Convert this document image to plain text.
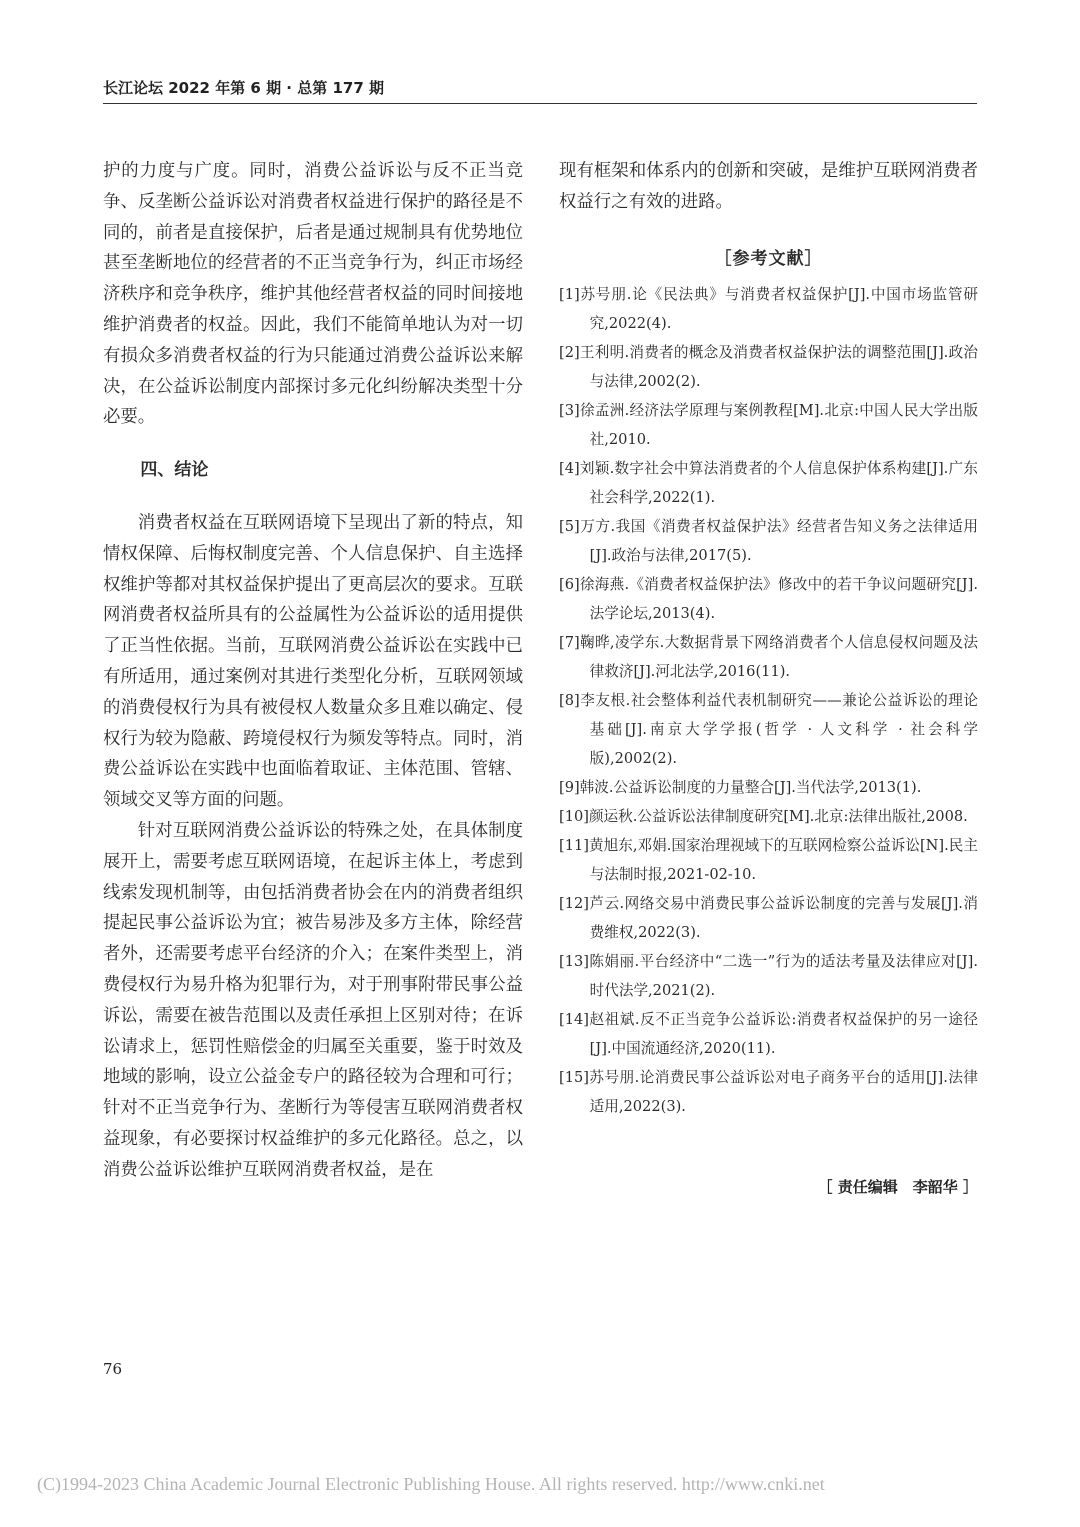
长江论坛 2022 年第 6 期 · 总第 177 期

护的力度与广度。同时，消费公益诉讼与反不正当竞争、反垄断公益诉讼对消费者权益进行保护的路径是不同的，前者是直接保护，后者是通过规制具有优势地位甚至垄断地位的经营者的不正当竞争行为，纠正市场经济秩序和竞争秩序，维护其他经营者权益的同时间接地维护消费者的权益。因此，我们不能简单地认为对一切有损众多消费者权益的行为只能通过消费公益诉讼来解决，在公益诉讼制度内部探讨多元化纠纷解决类型十分必要。

四、结论

消费者权益在互联网语境下呈现出了新的特点，知情权保障、后悔权制度完善、个人信息保护、自主选择权维护等都对其权益保护提出了更高层次的要求。互联网消费者权益所具有的公益属性为公益诉讼的适用提供了正当性依据。当前，互联网消费公益诉讼在实践中已有所适用，通过案例对其进行类型化分析，互联网领域的消费侵权行为具有被侵权人数量众多且难以确定、侵权行为较为隐蔽、跨境侵权行为频发等特点。同时，消费公益诉讼在实践中也面临着取证、主体范围、管辖、领域交叉等方面的问题。

针对互联网消费公益诉讼的特殊之处，在具体制度展开上，需要考虑互联网语境，在起诉主体上，考虑到线索发现机制等，由包括消费者协会在内的消费者组织提起民事公益诉讼为宜；被告易涉及多方主体，除经营者外，还需要考虑平台经济的介入；在案件类型上，消费侵权行为易升格为犯罪行为，对于刑事附带民事公益诉讼，需要在被告范围以及责任承担上区别对待；在诉讼请求上，惩罚性赔偿金的归属至关重要，鉴于时效及地域的影响，设立公益金专户的路径较为合理和可行；针对不正当竞争行为、垄断行为等侵害互联网消费者权益现象，有必要探讨权益维护的多元化路径。总之，以消费公益诉讼维护互联网消费者权益，是在

现有框架和体系内的创新和突破，是维护互联网消费者权益行之有效的进路。

［参考文献］
[1]苏号朋.论《民法典》与消费者权益保护[J].中国市场监管研究,2022(4).
[2]王利明.消费者的概念及消费者权益保护法的调整范围[J].政治与法律,2002(2).
[3]徐孟洲.经济法学原理与案例教程[M].北京:中国人民大学出版社,2010.
[4]刘颖.数字社会中算法消费者的个人信息保护体系构建[J].广东社会科学,2022(1).
[5]万方.我国《消费者权益保护法》经营者告知义务之法律适用[J].政治与法律,2017(5).
[6]徐海燕.《消费者权益保护法》修改中的若干争议问题研究[J].法学论坛,2013(4).
[7]鞠晔,凌学东.大数据背景下网络消费者个人信息侵权问题及法律救济[J].河北法学,2016(11).
[8]李友根.社会整体利益代表机制研究——兼论公益诉讼的理论基础[J].南京大学学报(哲学 · 人文科学 · 社会科学版),2002(2).
[9]韩波.公益诉讼制度的力量整合[J].当代法学,2013(1).
[10]颜运秋.公益诉讼法律制度研究[M].北京:法律出版社,2008.
[11]黄旭东,邓娟.国家治理视域下的互联网检察公益诉讼[N].民主与法制时报,2021-02-10.
[12]芦云.网络交易中消费民事公益诉讼制度的完善与发展[J].消费维权,2022(3).
[13]陈娟丽.平台经济中“二选一”行为的适法考量及法律应对[J].时代法学,2021(2).
[14]赵祖斌.反不正当竞争公益诉讼:消费者权益保护的另一途径[J].中国流通经济,2020(11).
[15]苏号朋.论消费民事公益诉讼对电子商务平台的适用[J].法律适用,2022(3).
［ 责任编辑　李韶华 ］
76
(C)1994-2023 China Academic Journal Electronic Publishing House. All rights reserved. http://www.cnki.net
